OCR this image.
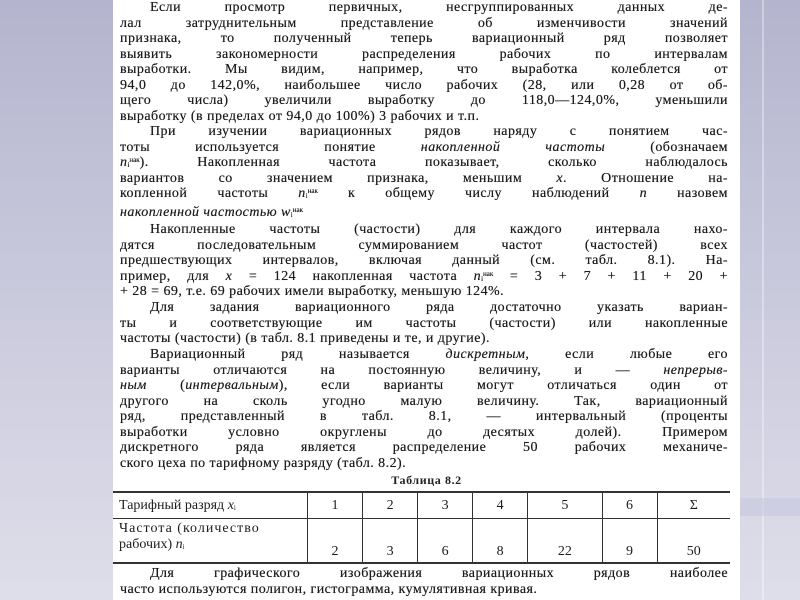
Если просмотр первичных, несгруппированных данных де-
лал затруднительным представление об изменчивости значений
признака, то полученный теперь вариационный ряд позволяет
выявить закономерности распределения рабочих по интервалам
выработки. Мы видим, например, что выработка колеблется от
94,0 до 142,0%, наибольшее число рабочих (28, или 0,28 от об-
щего числа) увеличили выработку до 118,0—124,0%, уменьшили
выработку (в пределах от 94,0 до 100%) 3 рабочих и т.п.
При изучении вариационных рядов наряду с понятием час-
тоты используется понятие накопленной частоты (обозначаем
$ni^{нак}$). Накопленная частота показывает, сколько наблюдалось
вариантов со значением признака, меньшим x. Отношение на-
копленной частоты $ni^{нак}$ к общему числу наблюдений n назовем
накопленной частостью $wi^{нак}$
Накопленные частоты (частости) для каждого интервала нахо-
дятся последовательным суммированием частот (частостей) всех
предшествующих интервалов, включая данный (см. табл. 8.1). На-
пример, для x = 124 накопленная частота $ni^{нак} = 3 + 7 + 11 + 20$ +
+ 28 = 69, т.е. 69 рабочих имели выработку, меньшую 124%.
Для задания вариационного ряда достаточно указать вариан-
ты и соответствующие им частоты (частости) или накопленные
частоты (частости) (в табл. 8.1 приведены и те, и другие).
Вариационный ряд называется дискретным, если любые его
варианты отличаются на постоянную величину, и — непрерыв-
ным (интервальным), если варианты могут отличаться один от
другого на сколь угодно малую величину. Так, вариационный
ряд, представленный в табл. 8.1, — интервальный (проценты
выработки условно округлены до десятых долей). Примером
дискретного ряда является распределение 50 рабочих механиче-
ского цеха по тарифному разряду (табл. 8.2).
Таблица 8.2
Тарифный разряд xi	1	2	3	4	5	6	Σ
Частота (количество
рабочих) ni	2	3	6	8	22	9	50
Для графического изображения вариационных рядов наиболее
часто используются полигон, гистограмма, кумулятивная кривая.
